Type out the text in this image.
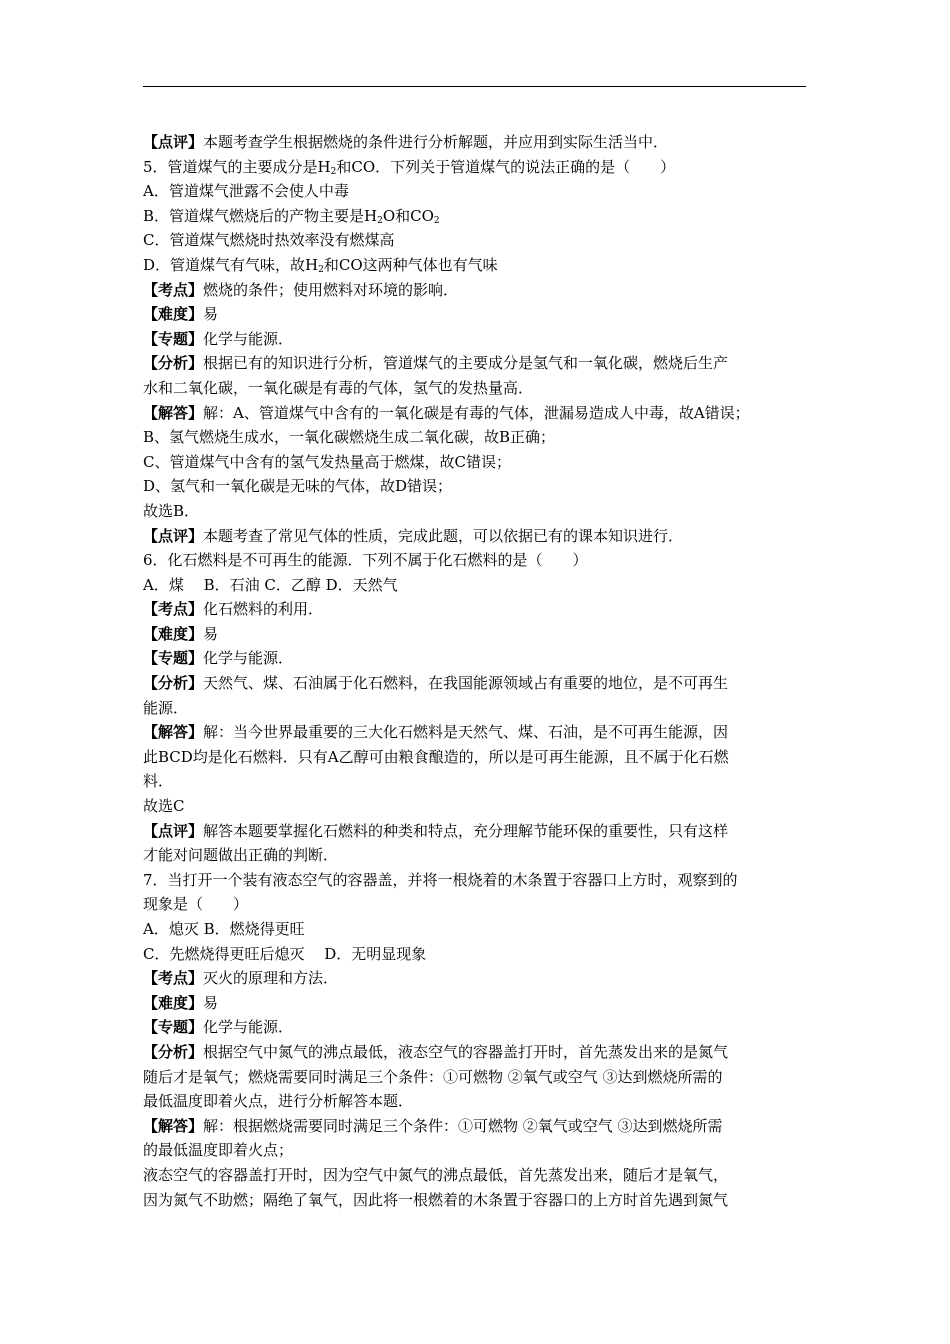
【点评】本题考查学生根据燃烧的条件进行分析解题，并应用到实际生活当中．
5．管道煤气的主要成分是$H_2$和CO．下列关于管道煤气的说法正确的是（　　）
A．管道煤气泄露不会使人中毒
B．管道煤气燃烧后的产物主要是$H_2O$和$CO_2$
C．管道煤气燃烧时热效率没有燃煤高
D．管道煤气有气味，故$H_2$和CO这两种气体也有气味
【考点】燃烧的条件；使用燃料对环境的影响．
【难度】易
【专题】化学与能源．
【分析】根据已有的知识进行分析，管道煤气的主要成分是氢气和一氧化碳，燃烧后生产
水和二氧化碳，一氧化碳是有毒的气体，氢气的发热量高．
【解答】解：A、管道煤气中含有的一氧化碳是有毒的气体，泄漏易造成人中毒，故A错误；
B、氢气燃烧生成水，一氧化碳燃烧生成二氧化碳，故B正确；
C、管道煤气中含有的氢气发热量高于燃煤，故C错误；
D、氢气和一氧化碳是无味的气体，故D错误；
故选B．
【点评】本题考查了常见气体的性质，完成此题，可以依据已有的课本知识进行．
6．化石燃料是不可再生的能源．下列不属于化石燃料的是（　　）
A．煤　 B．石油 C．乙醇 D．天然气
【考点】化石燃料的利用．
【难度】易
【专题】化学与能源．
【分析】天然气、煤、石油属于化石燃料，在我国能源领域占有重要的地位，是不可再生
能源．
【解答】解：当今世界最重要的三大化石燃料是天然气、煤、石油，是不可再生能源，因
此BCD均是化石燃料．只有A乙醇可由粮食酿造的，所以是可再生能源，且不属于化石燃
料．
故选C
【点评】解答本题要掌握化石燃料的种类和特点，充分理解节能环保的重要性，只有这样
才能对问题做出正确的判断．
7．当打开一个装有液态空气的容器盖，并将一根烧着的木条置于容器口上方时，观察到的
现象是（　　）
A．熄灭 B．燃烧得更旺
C．先燃烧得更旺后熄灭　 D．无明显现象
【考点】灭火的原理和方法．
【难度】易
【专题】化学与能源．
【分析】根据空气中氮气的沸点最低，液态空气的容器盖打开时，首先蒸发出来的是氮气
随后才是氧气；燃烧需要同时满足三个条件：①可燃物 ②氧气或空气 ③达到燃烧所需的
最低温度即着火点，进行分析解答本题．
【解答】解：根据燃烧需要同时满足三个条件：①可燃物 ②氧气或空气 ③达到燃烧所需
的最低温度即着火点；
液态空气的容器盖打开时，因为空气中氮气的沸点最低，首先蒸发出来，随后才是氧气，
因为氮气不助燃；隔绝了氧气，因此将一根燃着的木条置于容器口的上方时首先遇到氮气
